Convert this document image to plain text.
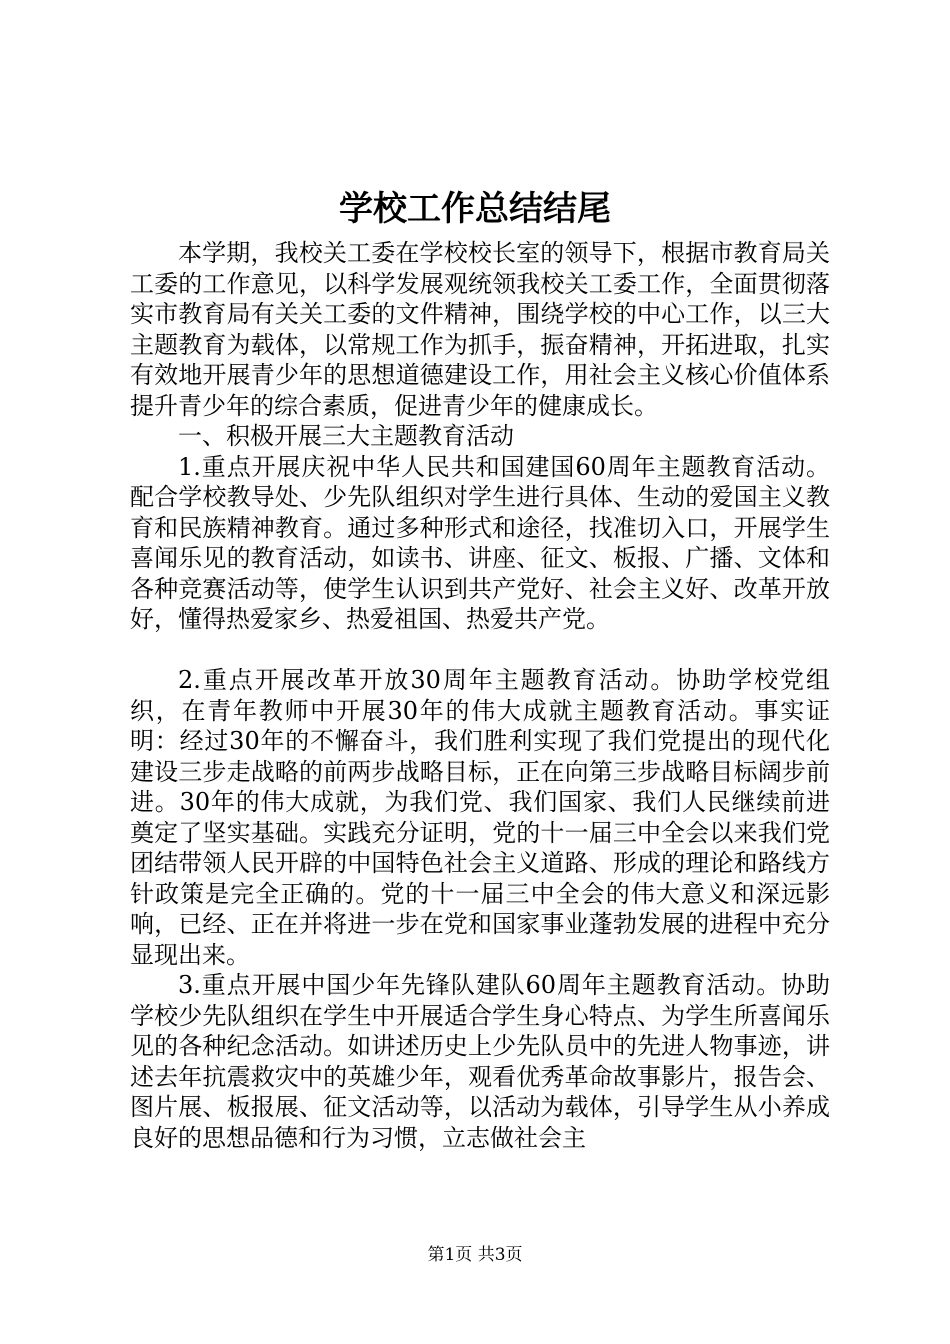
学校工作总结结尾

本学期，我校关工委在学校校长室的领导下，根据市教育局关工委的工作意见，以科学发展观统领我校关工委工作，全面贯彻落实市教育局有关关工委的文件精神，围绕学校的中心工作，以三大主题教育为载体，以常规工作为抓手，振奋精神，开拓进取，扎实有效地开展青少年的思想道德建设工作，用社会主义核心价值体系提升青少年的综合素质，促进青少年的健康成长。

一、积极开展三大主题教育活动

1.重点开展庆祝中华人民共和国建国60周年主题教育活动。配合学校教导处、少先队组织对学生进行具体、生动的爱国主义教育和民族精神教育。通过多种形式和途径，找准切入口，开展学生喜闻乐见的教育活动，如读书、讲座、征文、板报、广播、文体和各种竞赛活动等，使学生认识到共产党好、社会主义好、改革开放好，懂得热爱家乡、热爱祖国、热爱共产党。

2.重点开展改革开放30周年主题教育活动。协助学校党组织，在青年教师中开展30年的伟大成就主题教育活动。事实证明：经过30年的不懈奋斗，我们胜利实现了我们党提出的现代化建设三步走战略的前两步战略目标，正在向第三步战略目标阔步前进。30年的伟大成就，为我们党、我们国家、我们人民继续前进奠定了坚实基础。实践充分证明，党的十一届三中全会以来我们党团结带领人民开辟的中国特色社会主义道路、形成的理论和路线方针政策是完全正确的。党的十一届三中全会的伟大意义和深远影响，已经、正在并将进一步在党和国家事业蓬勃发展的进程中充分显现出来。

3.重点开展中国少年先锋队建队60周年主题教育活动。协助学校少先队组织在学生中开展适合学生身心特点、为学生所喜闻乐见的各种纪念活动。如讲述历史上少先队员中的先进人物事迹，讲述去年抗震救灾中的英雄少年，观看优秀革命故事影片，报告会、图片展、板报展、征文活动等，以活动为载体，引导学生从小养成良好的思想品德和行为习惯，立志做社会主

第1页 共3页
